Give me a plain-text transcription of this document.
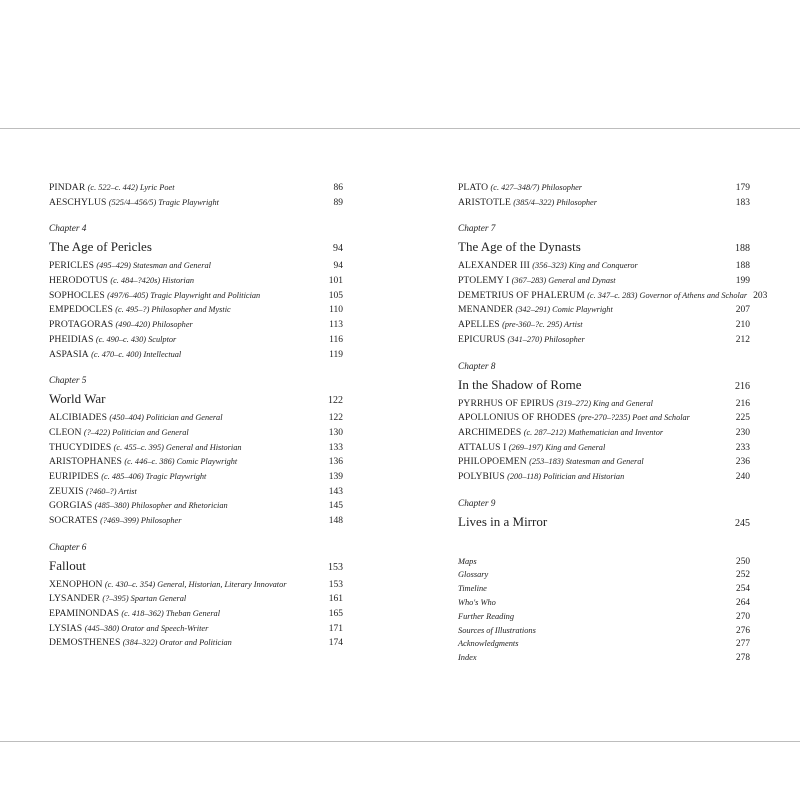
PINDAR (c. 522–c. 442) Lyric Poet	86
AESCHYLUS (525/4–456/5) Tragic Playwright	89
Chapter 4
The Age of Pericles	94
PERICLES (495–429) Statesman and General	94
HERODOTUS (c. 484–?420s) Historian	101
SOPHOCLES (497/6–405) Tragic Playwright and Politician	105
EMPEDOCLES (c. 495–?) Philosopher and Mystic	110
PROTAGORAS (490–420) Philosopher	113
PHEIDIAS (c. 490–c. 430) Sculptor	116
ASPASIA (c. 470–c. 400) Intellectual	119
Chapter 5
World War	122
ALCIBIADES (450–404) Politician and General	122
CLEON (?–422) Politician and General	130
THUCYDIDES (c. 455–c. 395) General and Historian	133
ARISTOPHANES (c. 446–c. 386) Comic Playwright	136
EURIPIDES (c. 485–406) Tragic Playwright	139
ZEUXIS (?460–?) Artist	143
GORGIAS (485–380) Philosopher and Rhetorician	145
SOCRATES (?469–399) Philosopher	148
Chapter 6
Fallout	153
XENOPHON (c. 430–c. 354) General, Historian, Literary Innovator	153
LYSANDER (?–395) Spartan General	161
EPAMINONDAS (c. 418–362) Theban General	165
LYSIAS (445–380) Orator and Speech-Writer	171
DEMOSTHENES (384–322) Orator and Politician	174
PLATO (c. 427–348/7) Philosopher	179
ARISTOTLE (385/4–322) Philosopher	183
Chapter 7
The Age of the Dynasts	188
ALEXANDER III (356–323) King and Conqueror	188
PTOLEMY I (367–283) General and Dynast	199
DEMETRIUS OF PHALERUM (c. 347–c. 283) Governor of Athens and Scholar 203
MENANDER (342–291) Comic Playwright	207
APELLES (pre-360–?c. 295) Artist	210
EPICURUS (341–270) Philosopher	212
Chapter 8
In the Shadow of Rome	216
PYRRHUS OF EPIRUS (319–272) King and General	216
APOLLONIUS OF RHODES (pre-270–?235) Poet and Scholar	225
ARCHIMEDES (c. 287–212) Mathematician and Inventor	230
ATTALUS I (269–197) King and General	233
PHILOPOEMEN (253–183) Statesman and General	236
POLYBIUS (200–118) Politician and Historian	240
Chapter 9
Lives in a Mirror	245
Maps	250
Glossary	252
Timeline	254
Who's Who	264
Further Reading	270
Sources of Illustrations	276
Acknowledgments	277
Index	278
